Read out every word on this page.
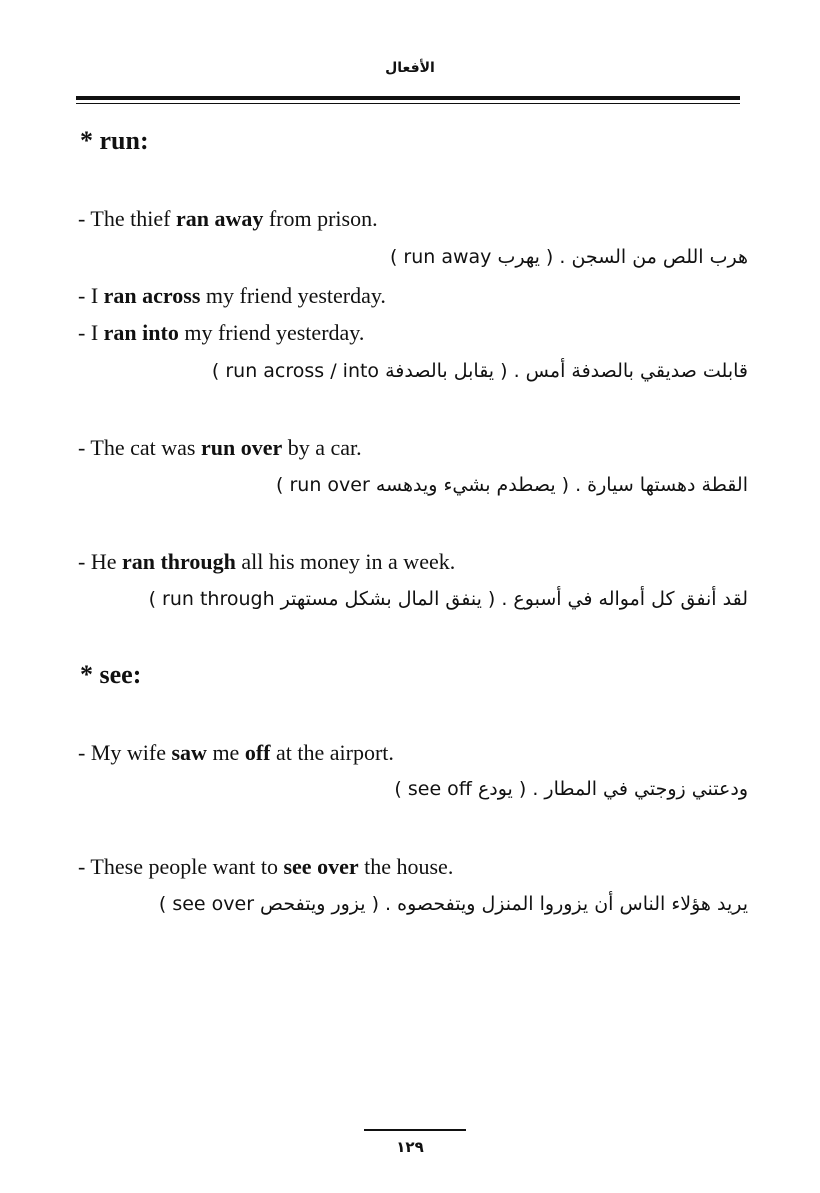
الأفعال
* run:
- The thief ran away from prison.
هرب اللص من السجن . ( يهرب run away )
- I ran across my friend yesterday.
- I ran into my friend yesterday.
قابلت صديقي بالصدفة أمس . ( يقابل بالصدفة run across / into )
- The cat was run over by a car.
القطة دهستها سيارة . ( يصطدم بشيء ويدهسه run over )
- He ran through all his money in a week.
لقد أنفق كل أمواله في أسبوع . ( ينفق المال بشكل مستهتر run through )
* see:
- My wife saw me off at the airport.
ودعتني زوجتي في المطار . ( يودع see off )
- These people want to see over the house.
يريد هؤلاء الناس أن يزوروا المنزل ويتفحصوه . ( يزور ويتفحص see over )
١٢٩
